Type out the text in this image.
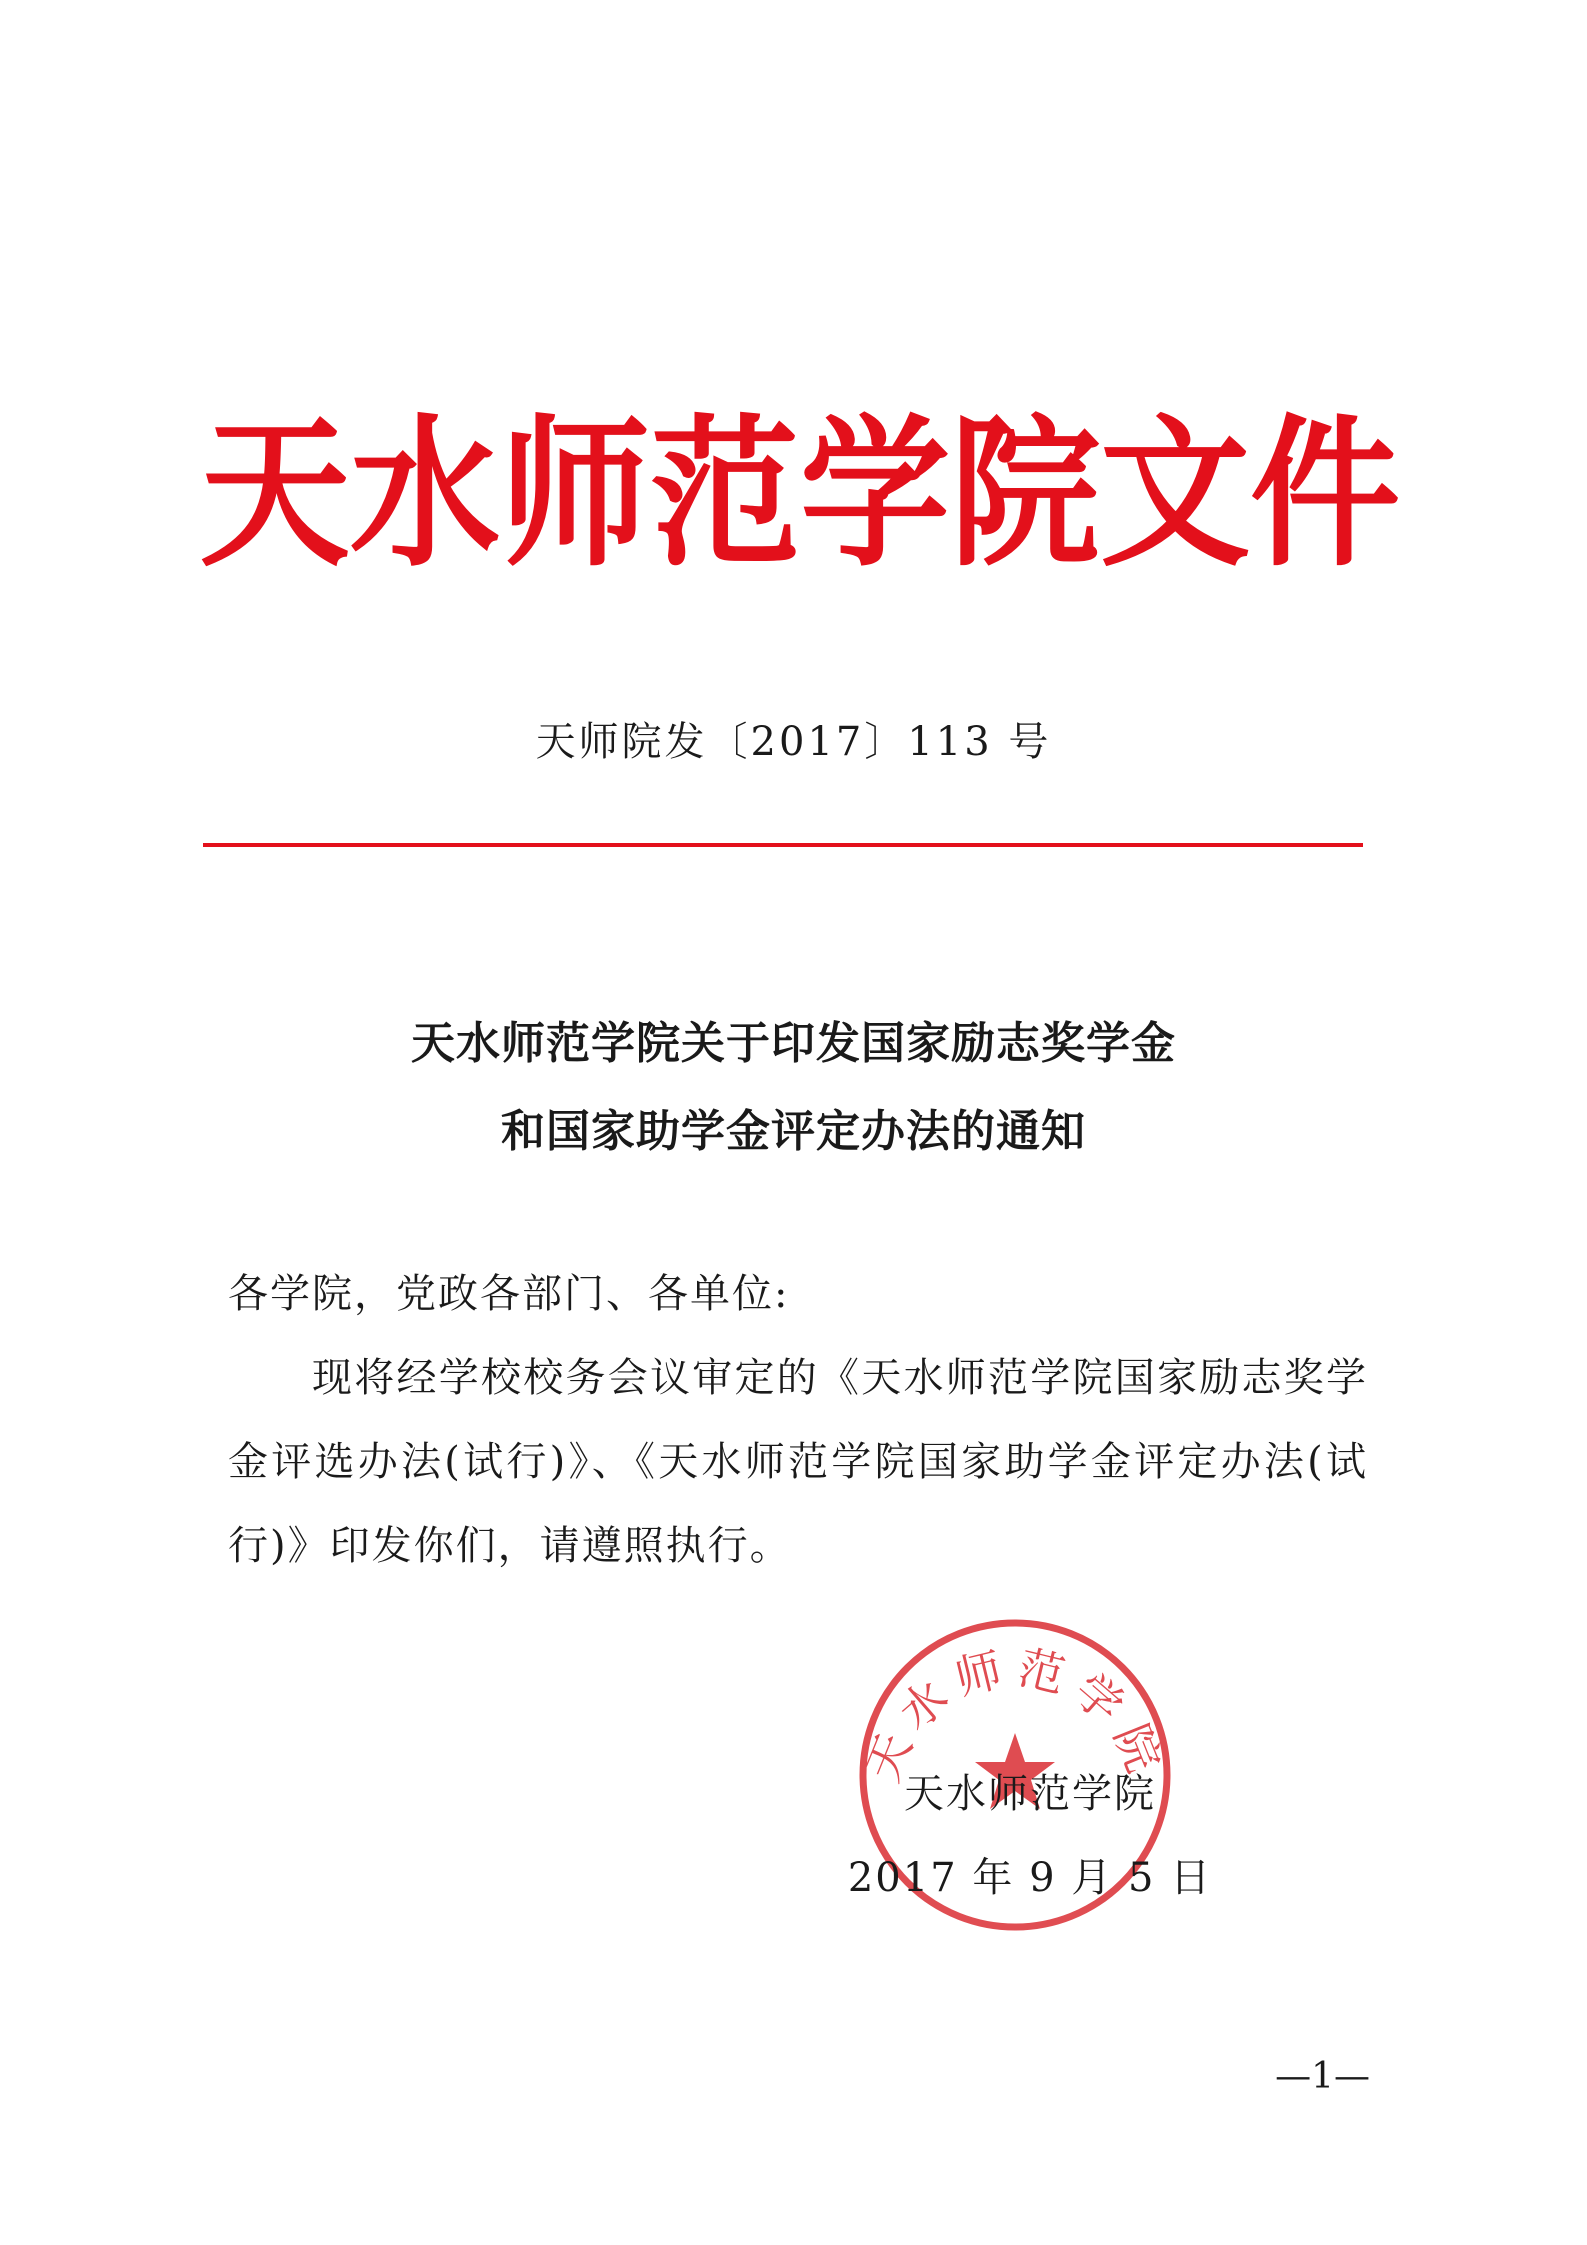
天 水 师 范 学 院 文 件
天师院发〔2017〕113 号
天水师范学院关于印发国家励志奖学金
和国家助学金评定办法的通知
各学院，党政各部门、各单位:
现将经学校校务会议审定的《天水师范学院国家励志奖学金评选办法(试行)》、《天水师范学院国家助学金评定办法(试行)》印发你们，请遵照执行。
天水师范学院
天水师范学院
2017 年 9 月 5 日
—1—
